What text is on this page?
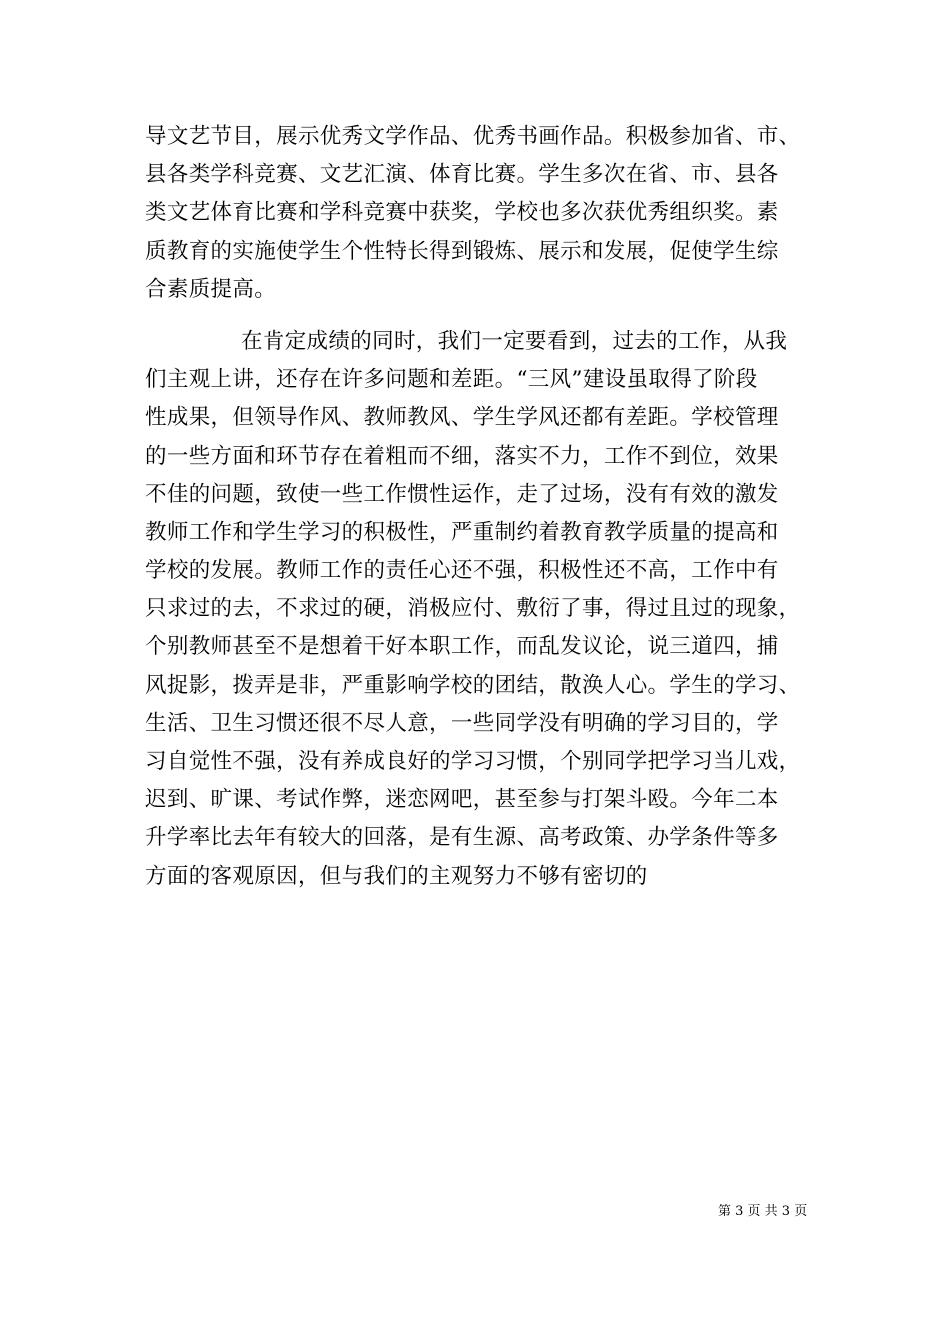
导文艺节目，展示优秀文学作品、优秀书画作品。积极参加省、市、
县各类学科竞赛、文艺汇演、体育比赛。学生多次在省、市、县各
类文艺体育比赛和学科竞赛中获奖，学校也多次获优秀组织奖。素
质教育的实施使学生个性特长得到锻炼、展示和发展，促使学生综
合素质提高。
在肯定成绩的同时，我们一定要看到，过去的工作，从我
们主观上讲，还存在许多问题和差距。“三风”建设虽取得了阶段
性成果，但领导作风、教师教风、学生学风还都有差距。学校管理
的一些方面和环节存在着粗而不细，落实不力，工作不到位，效果
不佳的问题，致使一些工作惯性运作，走了过场，没有有效的激发
教师工作和学生学习的积极性，严重制约着教育教学质量的提高和
学校的发展。教师工作的责任心还不强，积极性还不高，工作中有
只求过的去，不求过的硬，消极应付、敷衍了事，得过且过的现象，
个别教师甚至不是想着干好本职工作，而乱发议论，说三道四，捕
风捉影，拨弄是非，严重影响学校的团结，散涣人心。学生的学习、
生活、卫生习惯还很不尽人意，一些同学没有明确的学习目的，学
习自觉性不强，没有养成良好的学习习惯，个别同学把学习当儿戏，
迟到、旷课、考试作弊，迷恋网吧，甚至参与打架斗殴。今年二本
升学率比去年有较大的回落，是有生源、高考政策、办学条件等多
方面的客观原因，但与我们的主观努力不够有密切的
第 3 页 共 3 页
